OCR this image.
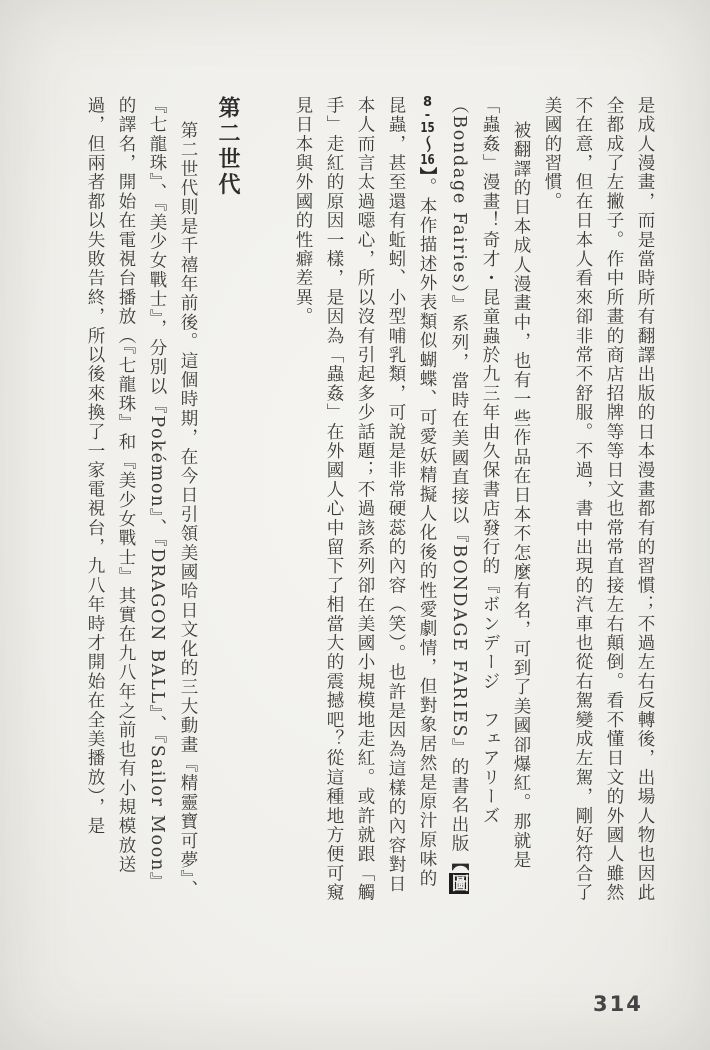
是成人漫畫，而是當時所有翻譯出版的日本漫畫都有的習慣；不過左右反轉後，出場人物也因此全都成了左撇子。作中所畫的商店招牌等等日文也常常直接左右顛倒。看不懂日文的外國人雖然不在意，但在日本人看來卻非常不舒服。不過，書中出現的汽車也從右駕變成左駕，剛好符合了美國的習慣。

被翻譯的日本成人漫畫中，也有一些作品在日本不怎麼有名，可到了美國卻爆紅。那就是「蟲姦」漫畫！奇才・昆童蟲於九三年由久保書店發行的『ボンデージ　フェアリーズ（Bondage Fairies）』系列，當時在美國直接以『BONDAGE FARIES』的書名出版【圖8-15～16】。本作描述外表類似蝴蝶、可愛妖精擬人化後的性愛劇情，但對象居然是原汁原味的昆蟲，甚至還有蚯蚓、小型哺乳類，可說是非常硬蕊的內容（笑）。也許是因為這樣的內容對日本人而言太過噁心，所以沒有引起多少話題；不過該系列卻在美國小規模地走紅。或許就跟「觸手」走紅的原因一樣，是因為「蟲姦」在外國人心中留下了相當大的震撼吧？從這種地方便可窺見日本與外國的性癖差異。

第二世代

第二世代則是千禧年前後。這個時期，在今日引領美國哈日文化的三大動畫『精靈寶可夢』、『七龍珠』、『美少女戰士』，分別以『Pokémon』、『DRAGON BALL』、『Sailor Moon』的譯名，開始在電視台播放（『七龍珠』和『美少女戰士』其實在九八年之前也有小規模放送過，但兩者都以失敗告終，所以後來換了一家電視台，九八年時才開始在全美播放），是

314
